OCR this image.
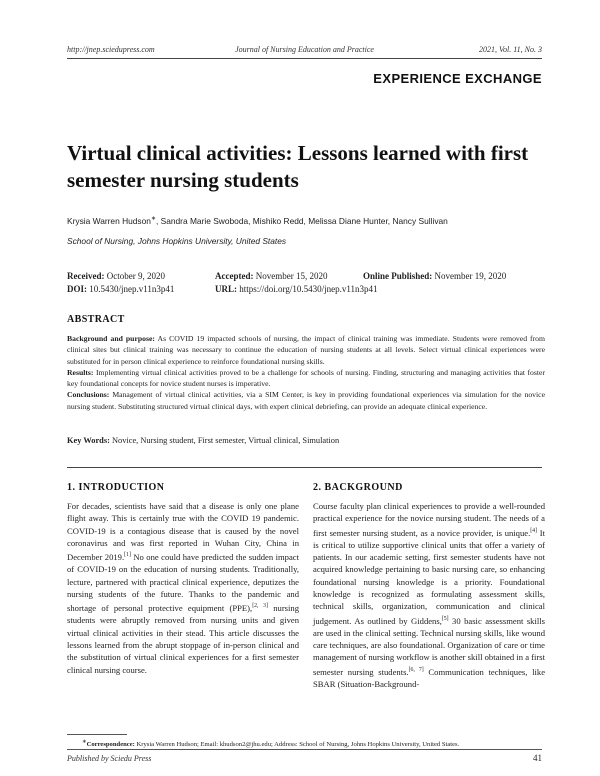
http://jnep.sciedupress.com	Journal of Nursing Education and Practice	2021, Vol. 11, No. 3
EXPERIENCE EXCHANGE
Virtual clinical activities: Lessons learned with first semester nursing students
Krysia Warren Hudson∗, Sandra Marie Swoboda, Mishiko Redd, Melissa Diane Hunter, Nancy Sullivan
School of Nursing, Johns Hopkins University, United States
Received: October 9, 2020	Accepted: November 15, 2020	Online Published: November 19, 2020
DOI: 10.5430/jnep.v11n3p41	URL: https://doi.org/10.5430/jnep.v11n3p41
ABSTRACT

Background and purpose: As COVID 19 impacted schools of nursing, the impact of clinical training was immediate. Students were removed from clinical sites but clinical training was necessary to continue the education of nursing students at all levels. Select virtual clinical experiences were substituted for in person clinical experience to reinforce foundational nursing skills.

Results: Implementing virtual clinical activities proved to be a challenge for schools of nursing. Finding, structuring and managing activities that foster key foundational concepts for novice student nurses is imperative.

Conclusions: Management of virtual clinical activities, via a SIM Center, is key in providing foundational experiences via simulation for the novice nursing student. Substituting structured virtual clinical days, with expert clinical debriefing, can provide an adequate clinical experience.

Key Words: Novice, Nursing student, First semester, Virtual clinical, Simulation
1. INTRODUCTION
For decades, scientists have said that a disease is only one plane flight away. This is certainly true with the COVID 19 pandemic. COVID-19 is a contagious disease that is caused by the novel coronavirus and was first reported in Wuhan City, China in December 2019.[1] No one could have predicted the sudden impact of COVID-19 on the education of nursing students. Traditionally, lecture, partnered with practical clinical experience, deputizes the nursing students of the future. Thanks to the pandemic and shortage of personal protective equipment (PPE),[2, 3] nursing students were abruptly removed from nursing units and given virtual clinical activities in their stead. This article discusses the lessons learned from the abrupt stoppage of in-person clinical and the substitution of virtual clinical experiences for a first semester clinical nursing course.
2. BACKGROUND
Course faculty plan clinical experiences to provide a well-rounded practical experience for the novice nursing student. The needs of a first semester nursing student, as a novice provider, is unique.[4] It is critical to utilize supportive clinical units that offer a variety of patients. In our academic setting, first semester students have not acquired knowledge pertaining to basic nursing care, so enhancing foundational nursing knowledge is a priority. Foundational knowledge is recognized as formulating assessment skills, technical skills, organization, communication and clinical judgement. As outlined by Giddens,[5] 30 basic assessment skills are used in the clinical setting. Technical nursing skills, like wound care techniques, are also foundational. Organization of care or time management of nursing workflow is another skill obtained in a first semester nursing students.[6, 7] Communication techniques, like SBAR (Situation-Background-
∗Correspondence: Krysia Warren Hudson; Email: khudson2@jhu.edu; Address: School of Nursing, Johns Hopkins University, United States.
Published by Sciedu Press	41
